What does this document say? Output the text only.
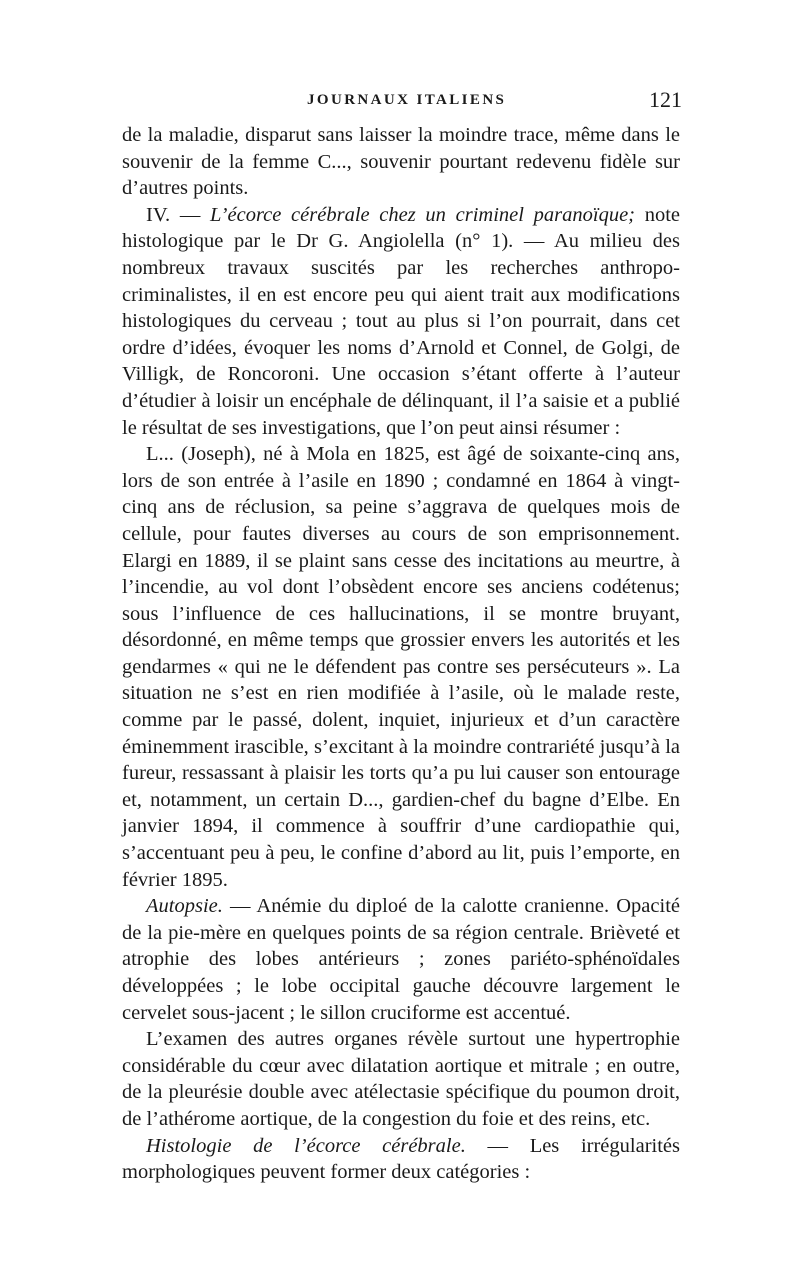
JOURNAUX ITALIENS	121

de la maladie, disparut sans laisser la moindre trace, même dans le souvenir de la femme C..., souvenir pourtant redevenu fidèle sur d’autres points.

IV. — L’écorce cérébrale chez un criminel paranoïque; note histologique par le Dr G. Angiolella (n° 1). — Au milieu des nombreux travaux suscités par les recherches anthropo-criminalistes, il en est encore peu qui aient trait aux modifications histologiques du cerveau ; tout au plus si l’on pourrait, dans cet ordre d’idées, évoquer les noms d’Arnold et Connel, de Golgi, de Villigk, de Roncoroni. Une occasion s’étant offerte à l’auteur d’étudier à loisir un encéphale de délinquant, il l’a saisie et a publié le résultat de ses investigations, que l’on peut ainsi résumer :

L... (Joseph), né à Mola en 1825, est âgé de soixante-cinq ans, lors de son entrée à l’asile en 1890 ; condamné en 1864 à vingt-cinq ans de réclusion, sa peine s’aggrava de quelques mois de cellule, pour fautes diverses au cours de son emprisonnement. Elargi en 1889, il se plaint sans cesse des incitations au meurtre, à l’incendie, au vol dont l’obsèdent encore ses anciens codétenus; sous l’influence de ces hallucinations, il se montre bruyant, désordonné, en même temps que grossier envers les autorités et les gendarmes « qui ne le défendent pas contre ses persécuteurs ». La situation ne s’est en rien modifiée à l’asile, où le malade reste, comme par le passé, dolent, inquiet, injurieux et d’un caractère éminemment irascible, s’excitant à la moindre contrariété jusqu’à la fureur, ressassant à plaisir les torts qu’a pu lui causer son entourage et, notamment, un certain D..., gardien-chef du bagne d’Elbe. En janvier 1894, il commence à souffrir d’une cardiopathie qui, s’accentuant peu à peu, le confine d’abord au lit, puis l’emporte, en février 1895.

Autopsie. — Anémie du diploé de la calotte cranienne. Opacité de la pie-mère en quelques points de sa région centrale. Brièveté et atrophie des lobes antérieurs ; zones pariéto-sphénoïdales développées ; le lobe occipital gauche découvre largement le cervelet sous-jacent ; le sillon cruciforme est accentué.

L’examen des autres organes révèle surtout une hypertrophie considérable du cœur avec dilatation aortique et mitrale ; en outre, de la pleurésie double avec atélectasie spécifique du poumon droit, de l’athérome aortique, de la congestion du foie et des reins, etc.

Histologie de l’écorce cérébrale. — Les irrégularités morphologiques peuvent former deux catégories :
